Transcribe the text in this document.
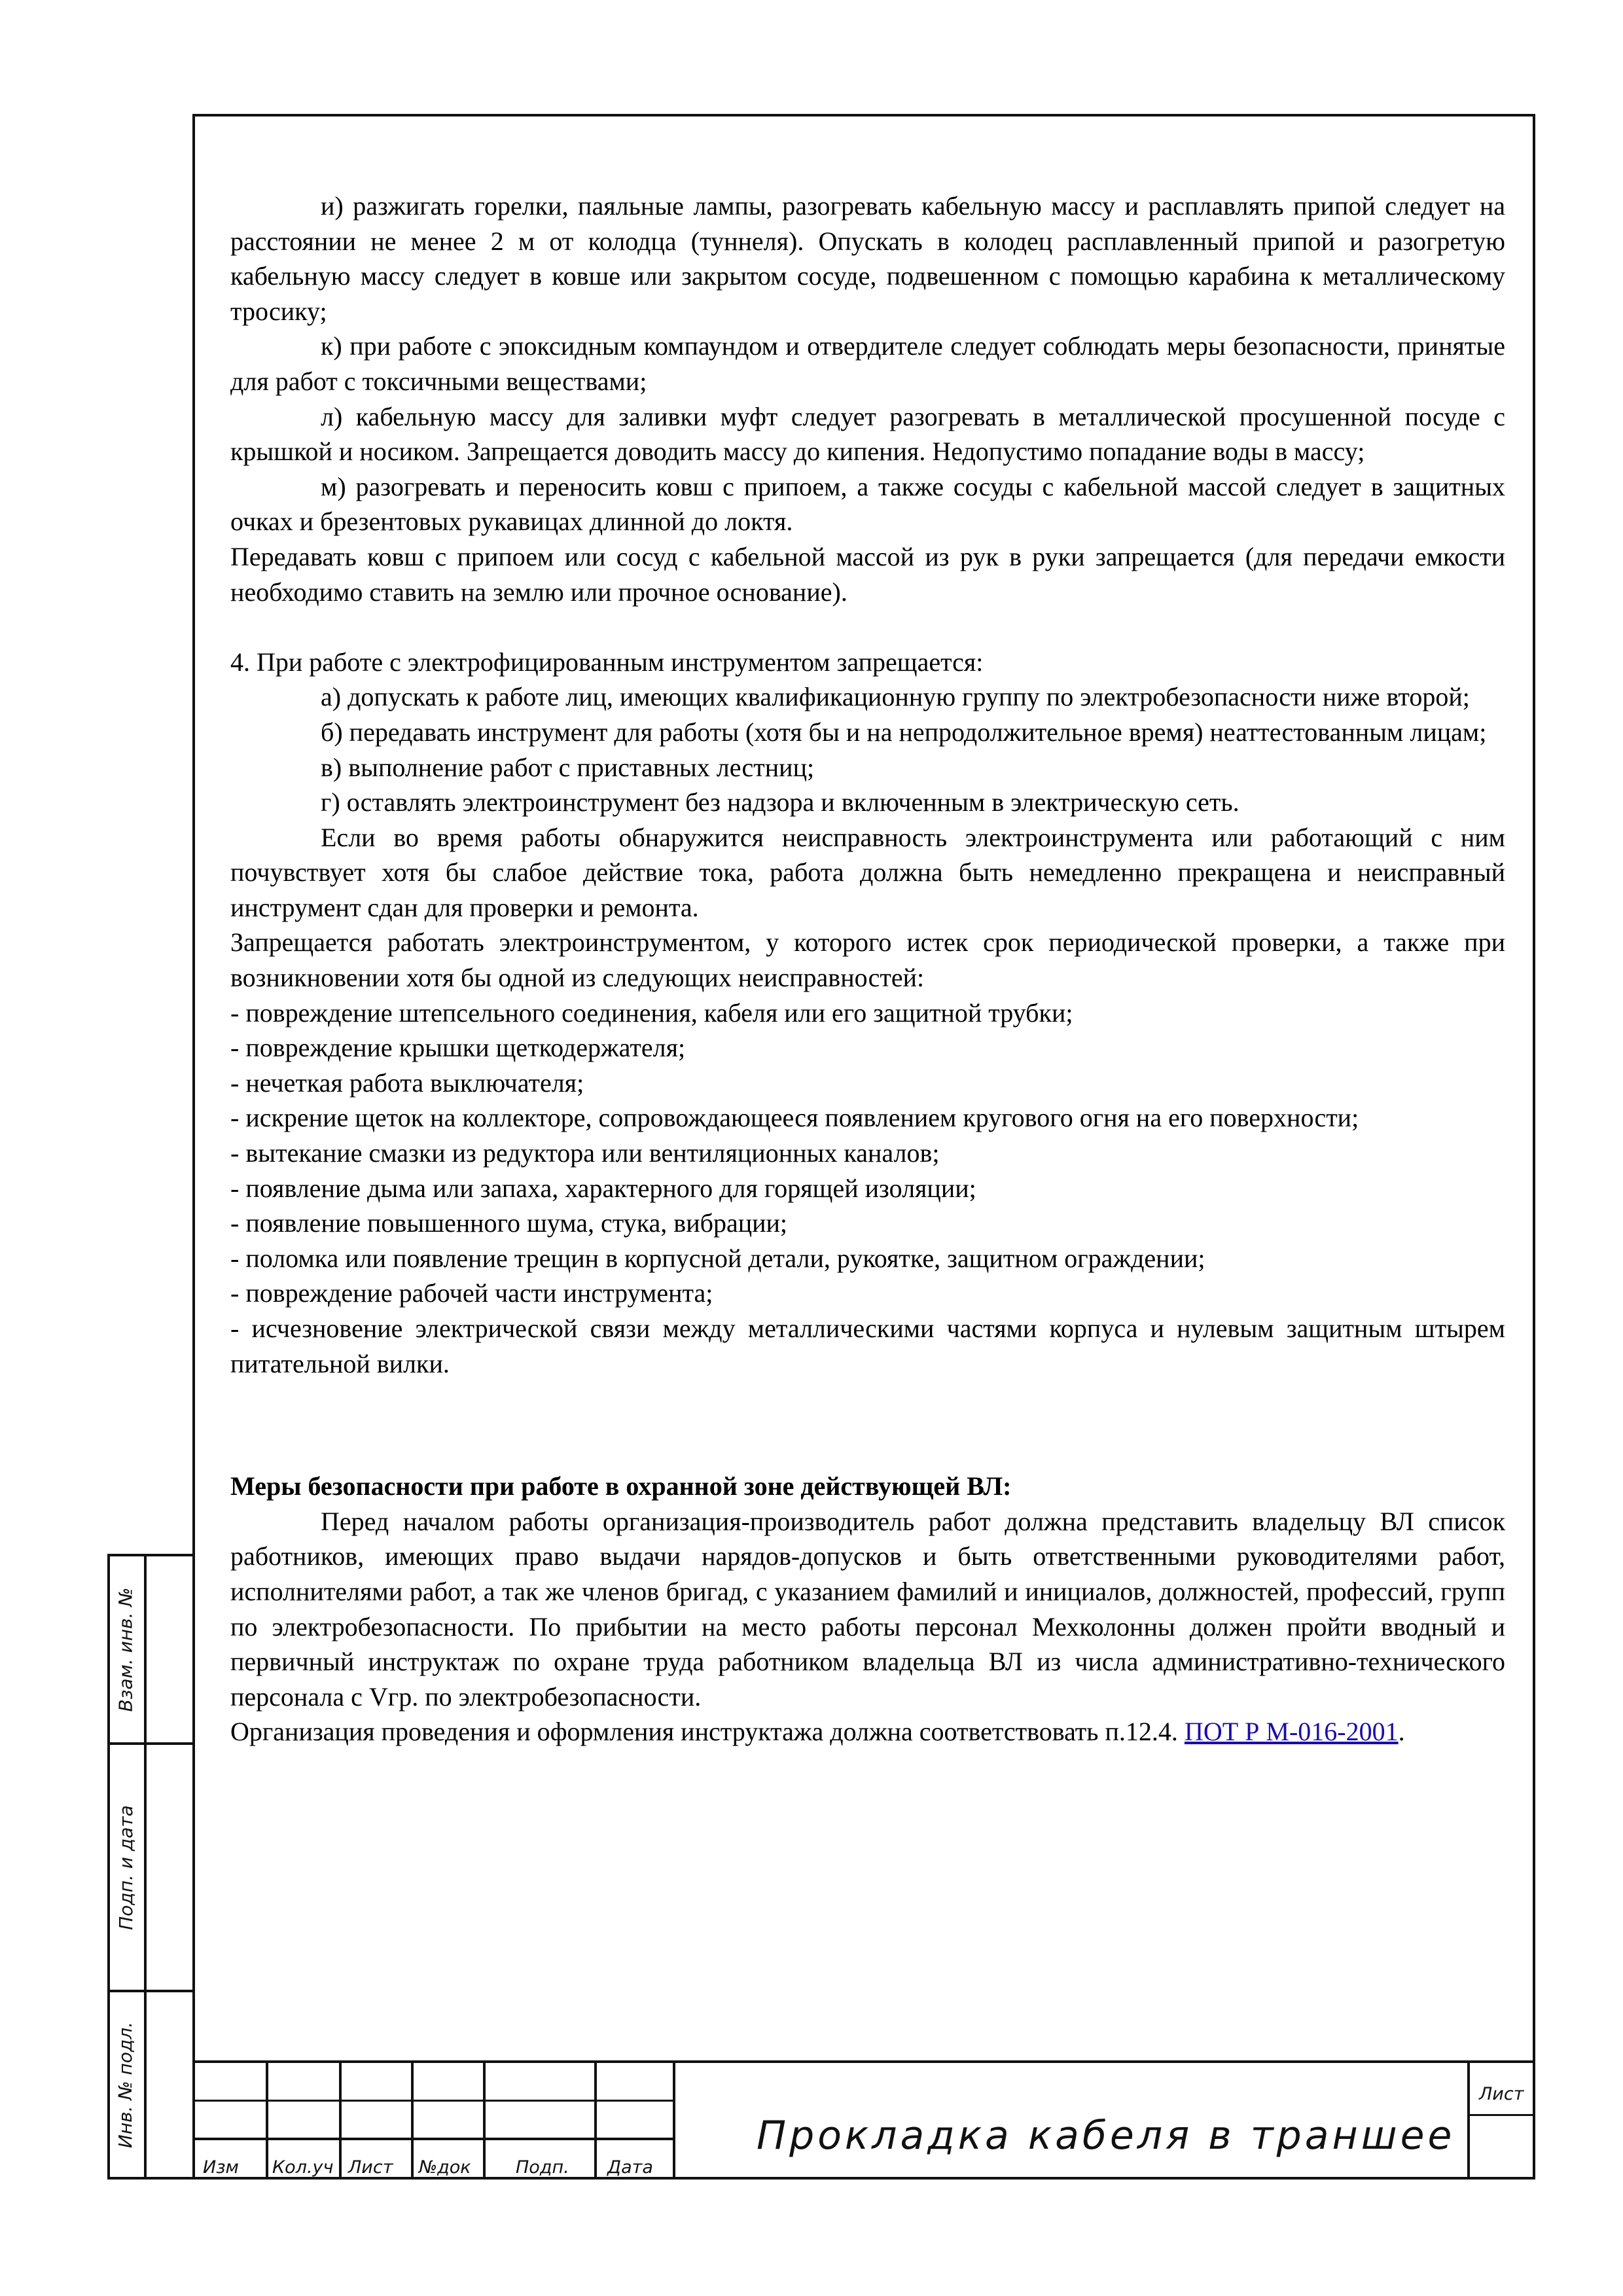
Взам. инв. №
Подп. и дата
Инв. № подл.

и) разжигать горелки, паяльные лампы, разогревать кабельную массу и расплавлять припой следует на расстоянии не менее 2 м от колодца (туннеля). Опускать в колодец расплавленный припой и разогретую кабельную массу следует в ковше или закрытом сосуде, подвешенном с помощью карабина к металлическому тросику;

к) при работе с эпоксидным компаундом и отвердителе следует соблюдать меры безопасности, принятые для работ с токсичными веществами;

л) кабельную массу для заливки муфт следует разогревать в металлической просушенной посуде с крышкой и носиком. Запрещается доводить массу до кипения. Недопустимо попадание воды в массу;

м) разогревать и переносить ковш с припоем, а также сосуды с кабельной массой следует в защитных очках и брезентовых рукавицах длинной до локтя.

Передавать ковш с припоем или сосуд с кабельной массой из рук в руки запрещается (для передачи емкости необходимо ставить на землю или прочное основание).

4. При работе с электрофицированным инструментом запрещается:

а) допускать к работе лиц, имеющих квалификационную группу по электробезопасности ниже второй;

б) передавать инструмент для работы (хотя бы и на непродолжительное время) неаттестованным лицам;

в) выполнение работ с приставных лестниц;

г) оставлять электроинструмент без надзора и включенным в электрическую сеть.

Если во время работы обнаружится неисправность электроинструмента или работающий с ним почувствует хотя бы слабое действие тока, работа должна быть немедленно прекращена и неисправный инструмент сдан для проверки и ремонта.

Запрещается работать электроинструментом, у которого истек срок периодической проверки, а также при возникновении хотя бы одной из следующих неисправностей:

- повреждение штепсельного соединения, кабеля или его защитной трубки;

- повреждение крышки щеткодержателя;

- нечеткая работа выключателя;

- искрение щеток на коллекторе, сопровождающееся появлением кругового огня на его поверхности;

- вытекание смазки из редуктора или вентиляционных каналов;

- появление дыма или запаха, характерного для горящей изоляции;

- появление повышенного шума, стука, вибрации;

- поломка или появление трещин в корпусной детали, рукоятке, защитном ограждении;

- повреждение рабочей части инструмента;

- исчезновение электрической связи между металлическими частями корпуса и нулевым защитным штырем питательной вилки.

Меры безопасности при работе в охранной зоне действующей ВЛ:

Перед началом работы организация-производитель работ должна представить владельцу ВЛ список работников, имеющих право выдачи нарядов-допусков и быть ответственными руководителями работ, исполнителями работ, а так же членов бригад, с указанием фамилий и инициалов, должностей, профессий, групп по электробезопасности. По прибытии на место работы персонал Мехколонны должен пройти вводный и первичный инструктаж по охране труда работником владельца ВЛ из числа административно-технического персонала с Vгр. по электробезопасности.

Организация проведения и оформления инструктажа должна соответствовать п.12.4. ПОТ Р М-016-2001.

Изм Кол.уч Лист №док	Подп. Дата
Лист
Прокладка кабеля в траншее
